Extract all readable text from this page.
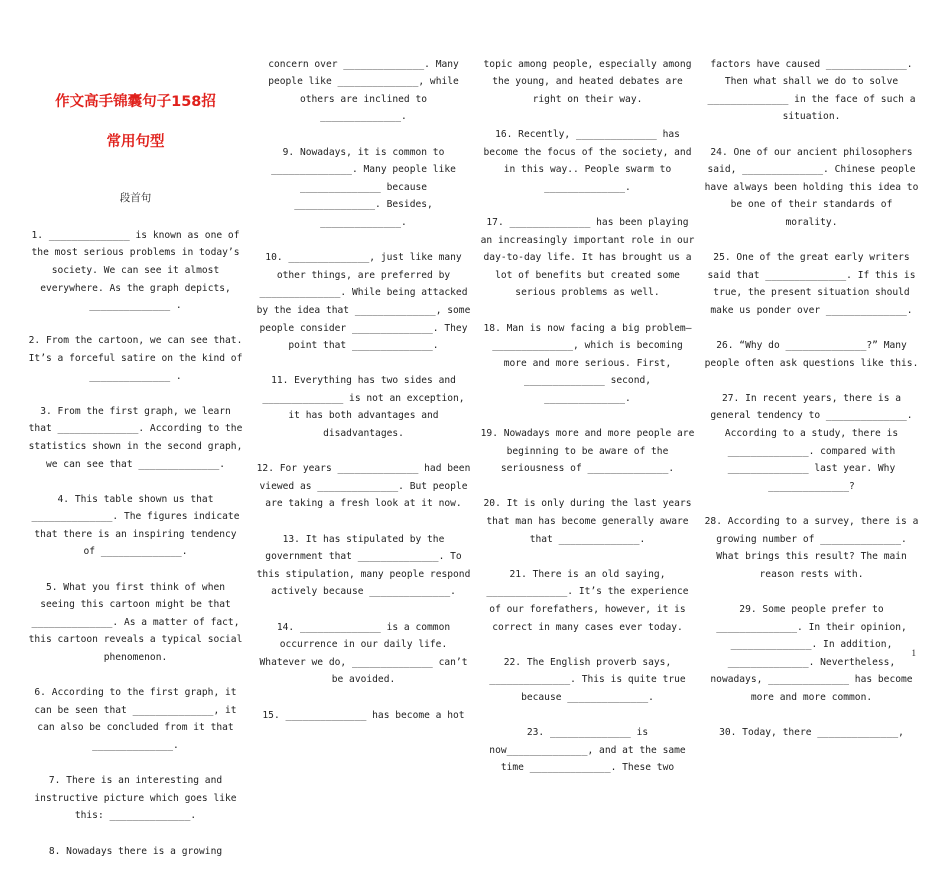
作文高手锦囊句子158招

常用句型

段首句

1. ______________ is known as one of the most serious problems in today’s society. We can see it almost everywhere. As the graph depicts, ______________ .

2. From the cartoon, we can see that. It’s a forceful satire on the kind of ______________ .

3. From the first graph, we learn that ______________. According to the statistics shown in the second graph, we can see that ______________.

4. This table shown us that ______________. The figures indicate that there is an inspiring tendency of ______________.

5. What you first think of when seeing this cartoon might be that ______________. As a matter of fact, this cartoon reveals a typical social phenomenon.

6. According to the first graph, it can be seen that ______________, it can also be concluded from it that ______________.

7. There is an interesting and instructive picture which goes like this: ______________.

8. Nowadays there is a growing

concern over ______________. Many people like ______________, while others are inclined to ______________.

9. Nowadays, it is common to ______________. Many people like ______________ because ______________. Besides, ______________.

10. ______________, just like many other things, are preferred by ______________. While being attacked by the idea that ______________, some people consider ______________. They point that ______________.

11. Everything has two sides and ______________ is not an exception, it has both advantages and disadvantages.

12. For years ______________ had been viewed as ______________. But people are taking a fresh look at it now.

13. It has stipulated by the government that ______________. To this stipulation, many people respond actively because ______________.

14. ______________ is a common occurrence in our daily life. Whatever we do, ______________ can’t be avoided.

15. ______________ has become a hot

topic among people, especially among the young, and heated debates are right on their way.

16. Recently, ______________ has become the focus of the society, and in this way.. People swarm to ______________.

17. ______________ has been playing an increasingly important role in our day-to-day life. It has brought us a lot of benefits but created some serious problems as well.

18. Man is now facing a big problem—______________, which is becoming more and more serious. First, ______________ second, ______________.

19. Nowadays more and more people are beginning to be aware of the seriousness of ______________.

20. It is only during the last years that man has become generally aware that ______________.

21. There is an old saying, ______________. It’s the experience of our forefathers, however, it is correct in many cases ever today.

22. The English proverb says, ______________. This is quite true because ______________.

23. ______________ is now______________, and at the same time ______________. These two

factors have caused ______________. Then what shall we do to solve ______________ in the face of such a situation.

24. One of our ancient philosophers said, ______________. Chinese people have always been holding this idea to be one of their standards of morality.

25. One of the great early writers said that ______________. If this is true, the present situation should make us ponder over ______________.

26. “Why do ______________?” Many people often ask questions like this.

27. In recent years, there is a general tendency to ______________. According to a study, there is ______________. compared with ______________ last year. Why ______________?

28. According to a survey, there is a growing number of ______________. What brings this result? The main reason rests with.

29. Some people prefer to ______________. In their opinion, ______________. In addition, ______________. Nevertheless, nowadays, ______________ has become more and more common.

30. Today, there ______________,

1
